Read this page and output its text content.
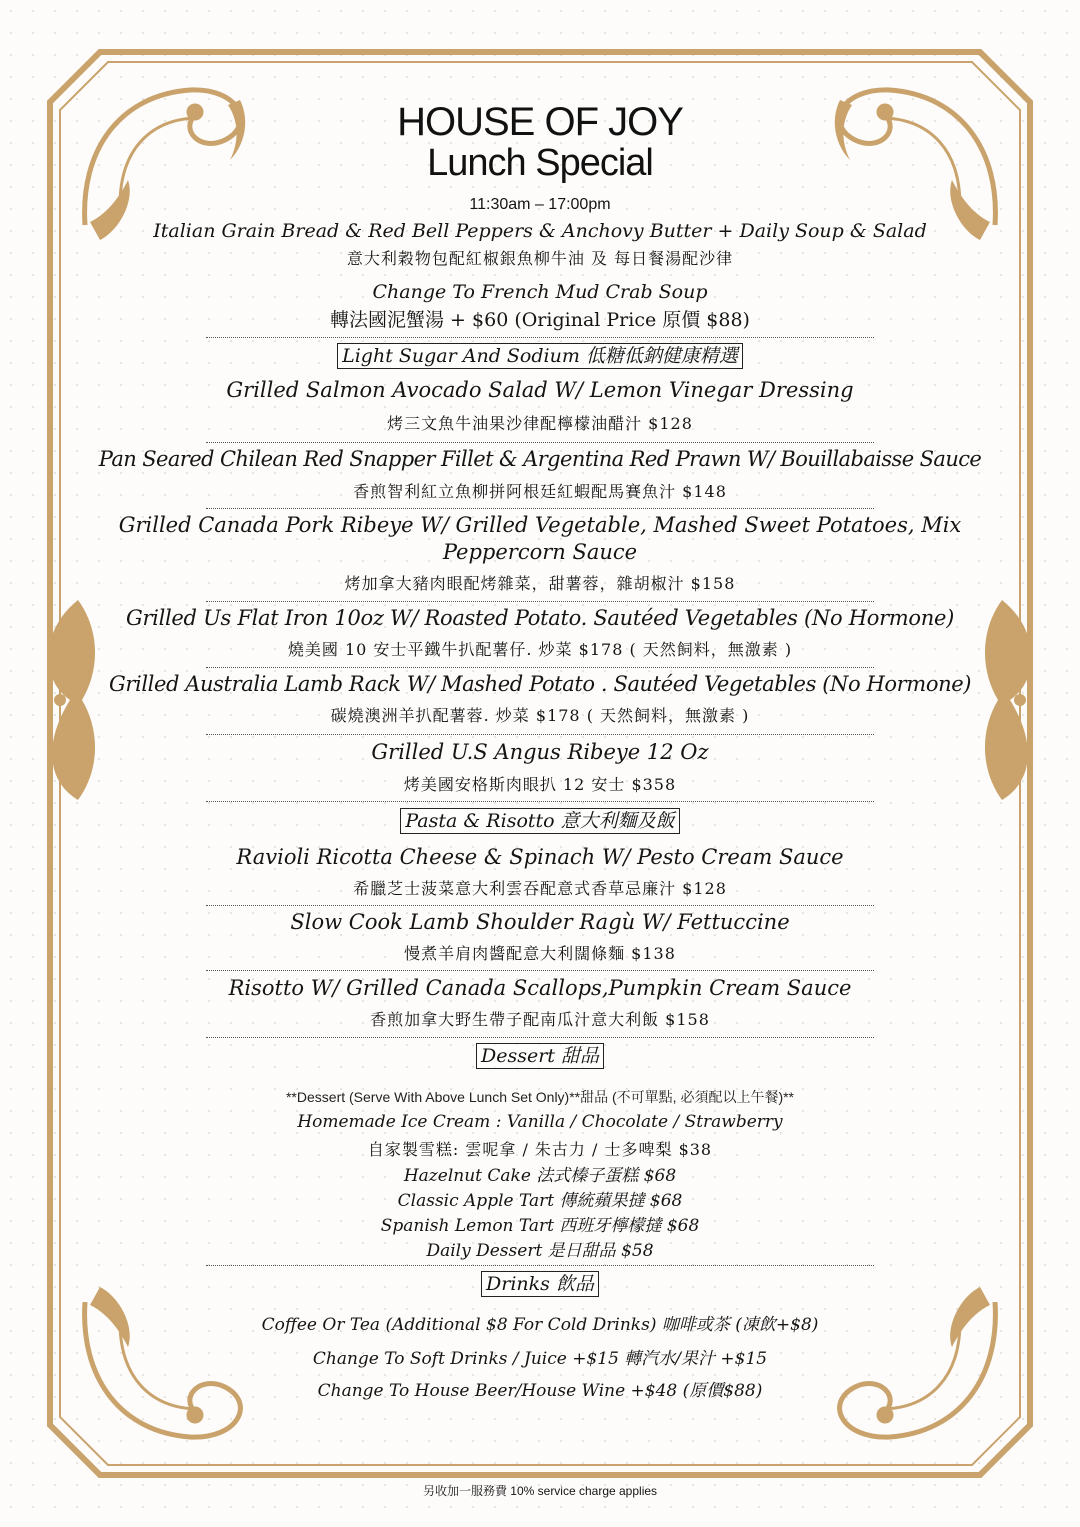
HOUSE OF JOY
Lunch Special
11:30am – 17:00pm
Italian Grain Bread & Red Bell Peppers & Anchovy Butter + Daily Soup & Salad
意大利穀物包配紅椒銀魚柳牛油 及 每日餐湯配沙律
Change To French Mud Crab Soup
轉法國泥蟹湯 + $60 (Original Price 原價 $88)
Light Sugar And Sodium 低糖低鈉健康精選
Grilled Salmon Avocado Salad W/ Lemon Vinegar Dressing
烤三文魚牛油果沙律配檸檬油醋汁 $128
Pan Seared Chilean Red Snapper Fillet & Argentina Red Prawn W/ Bouillabaisse Sauce
香煎智利紅立魚柳拼阿根廷紅蝦配馬賽魚汁 $148
Grilled Canada Pork Ribeye W/ Grilled Vegetable, Mashed Sweet Potatoes, Mix
Peppercorn Sauce
烤加拿大豬肉眼配烤雜菜，甜薯蓉，雜胡椒汁 $158
Grilled Us Flat Iron 10oz W/ Roasted Potato. Sautéed Vegetables (No Hormone)
燒美國 10 安士平鐵牛扒配薯仔. 炒菜 $178 ( 天然飼料，無激素 )
Grilled Australia Lamb Rack W/ Mashed Potato . Sautéed Vegetables (No Hormone)
碳燒澳洲羊扒配薯蓉. 炒菜 $178 ( 天然飼料，無激素 )
Grilled U.S Angus Ribeye 12 Oz
烤美國安格斯肉眼扒 12 安士 $358
Pasta & Risotto 意大利麵及飯
Ravioli Ricotta Cheese & Spinach W/ Pesto Cream Sauce
希臘芝士菠菜意大利雲吞配意式香草忌廉汁 $128
Slow Cook Lamb Shoulder Ragù W/ Fettuccine
慢煮羊肩肉醬配意大利闊條麵 $138
Risotto W/ Grilled Canada Scallops,Pumpkin Cream Sauce
香煎加拿大野生帶子配南瓜汁意大利飯 $158
Dessert 甜品
**Dessert (Serve With Above Lunch Set Only)**甜品 (不可單點, 必須配以上午餐)**
Homemade Ice Cream : Vanilla / Chocolate / Strawberry
自家製雪糕: 雲呢拿 / 朱古力 / 士多啤梨 $38
Hazelnut Cake 法式榛子蛋糕 $68
Classic Apple Tart 傳統蘋果撻 $68
Spanish Lemon Tart 西班牙檸檬撻 $68
Daily Dessert 是日甜品 $58
Drinks 飲品
Coffee Or Tea (Additional $8 For Cold Drinks) 咖啡或茶 (凍飲+$8)
Change To Soft Drinks / Juice +$15 轉汽水/果汁 +$15
Change To House Beer/House Wine +$48 (原價$88)
另收加一服務費 10% service charge applies
